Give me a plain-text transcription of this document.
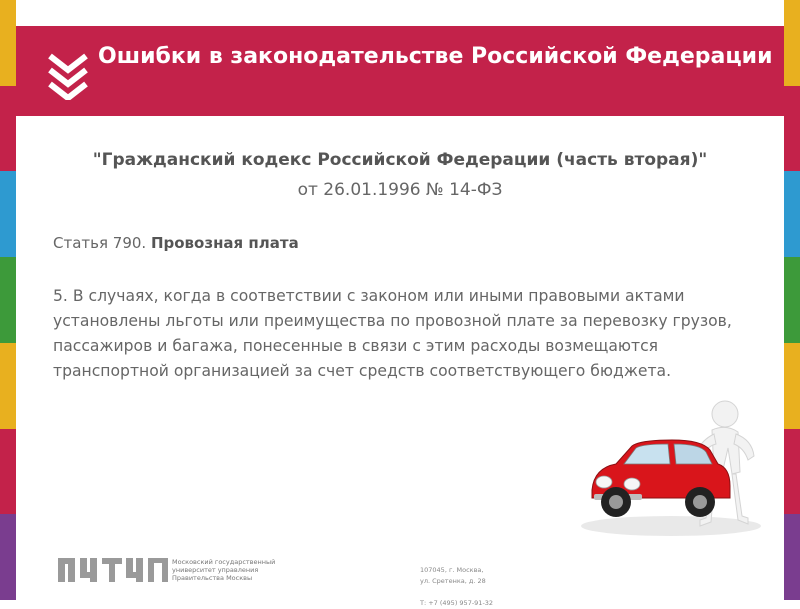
Ошибки в законодательстве Российской Федерации
"Гражданский кодекс Российской Федерации (часть вторая)"
от 26.01.1996 № 14-ФЗ
Статья 790. Провозная плата
5. В случаях, когда в соответствии с законом или иными правовыми актами установлены льготы или преимущества по провозной плате за перевозку грузов, пассажиров и багажа, понесенные в связи с этим расходы возмещаются транспортной организацией за счет средств соответствующего бюджета.
Московский государственный
университет управления
Правительства Москвы
107045, г. Москва,
ул. Сретенка, д. 28

Т: +7 (495) 957-91-32
